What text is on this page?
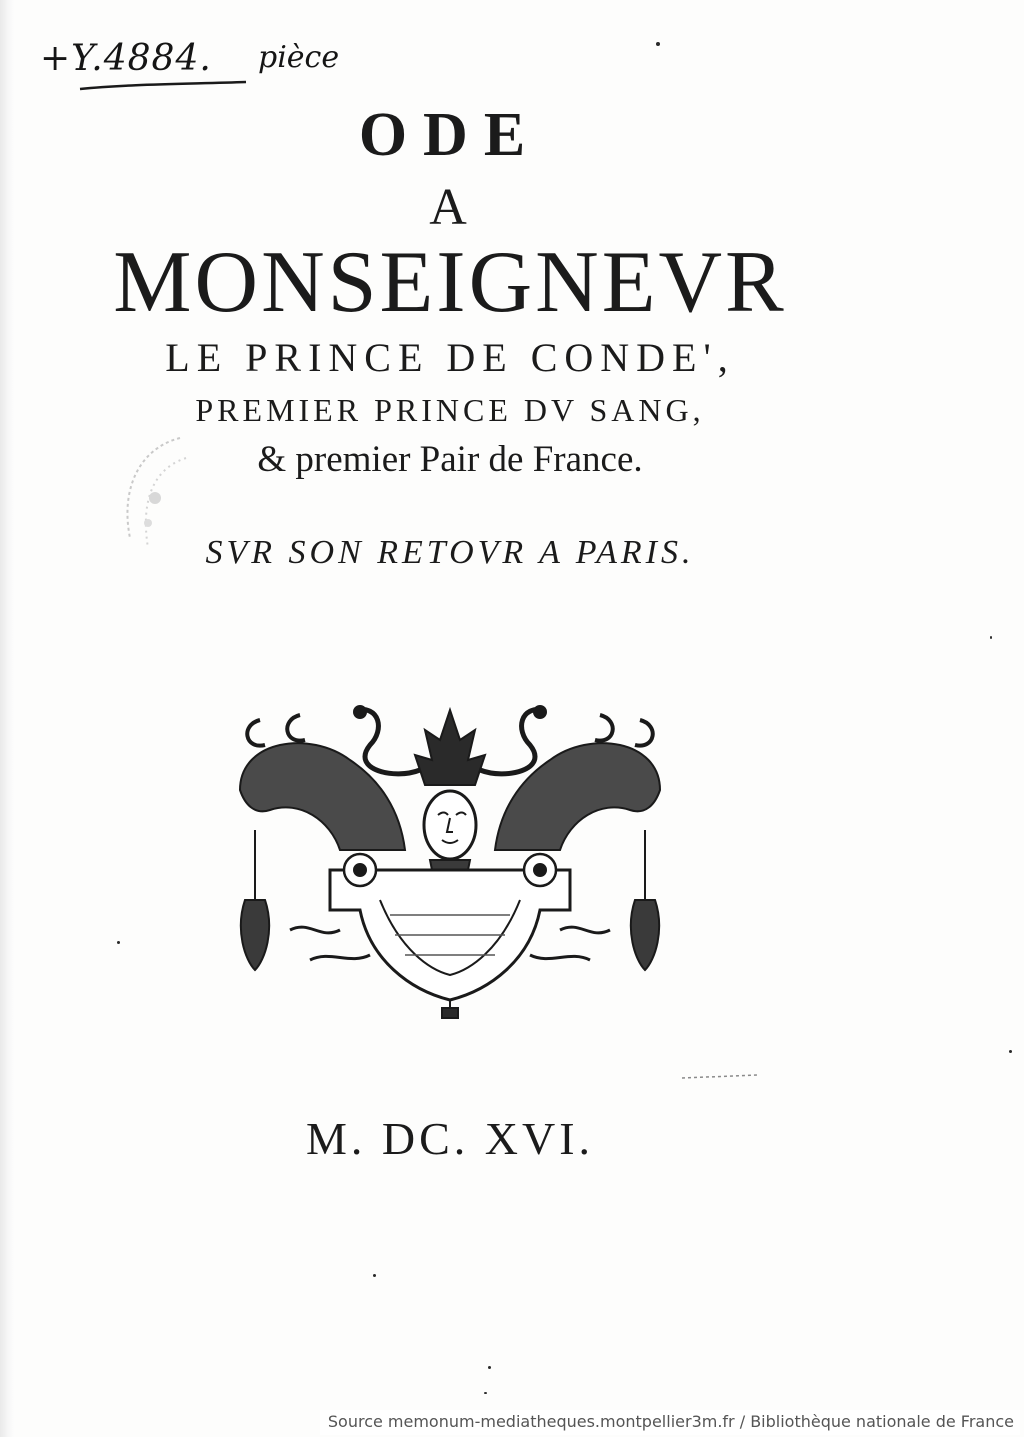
+Y.4884. pièce
ODE
A
MONSEIGNEVR
LE PRINCE DE CONDE',
PREMIER PRINCE DV SANG,
& premier Pair de France.
SVR SON RETOVR A PARIS.
M. DC. XVI.
Source memonum-mediatheques.montpellier3m.fr / Bibliothèque nationale de France
